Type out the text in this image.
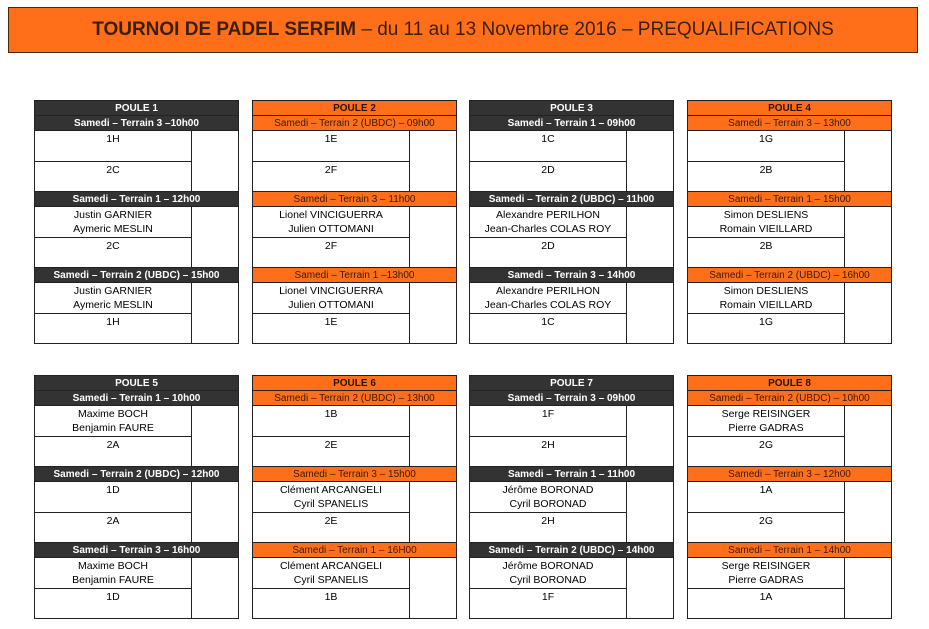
TOURNOI DE PADEL SERFIM – du 11 au 13 Novembre 2016 – PREQUALIFICATIONS
POULE 1
Samedi – Terrain 3 –10h00
1H
2C
Samedi – Terrain 1 – 12h00
Justin GARNIER
Aymeric MESLIN
2C
Samedi – Terrain 2 (UBDC) – 15h00
Justin GARNIER
Aymeric MESLIN
1H
POULE 2
Samedi – Terrain 2 (UBDC) – 09h00
1E
2F
Samedi – Terrain 3 – 11h00
Lionel VINCIGUERRA
Julien OTTOMANI
2F
Samedi – Terrain 1 –13h00
Lionel VINCIGUERRA
Julien OTTOMANI
1E
POULE 3
Samedi – Terrain 1 – 09h00
1C
2D
Samedi – Terrain 2 (UBDC) – 11h00
Alexandre PERILHON
Jean-Charles COLAS ROY
2D
Samedi – Terrain 3 – 14h00
Alexandre PERILHON
Jean-Charles COLAS ROY
1C
POULE 4
Samedi – Terrain 3 – 13h00
1G
2B
Samedi – Terrain 1 – 15h00
Simon DESLIENS
Romain VIEILLARD
2B
Samedi – Terrain 2 (UBDC) – 16h00
Simon DESLIENS
Romain VIEILLARD
1G
POULE 5
Samedi – Terrain 1 – 10h00
Maxime BOCH
Benjamin FAURE
2A
Samedi – Terrain 2 (UBDC) – 12h00
1D
2A
Samedi – Terrain 3 – 16h00
Maxime BOCH
Benjamin FAURE
1D
POULE 6
Samedi – Terrain 2 (UBDC) – 13h00
1B
2E
Samedi – Terrain 3 – 15h00
Clément ARCANGELI
Cyril SPANELIS
2E
Samedi – Terrain 1 – 16H00
Clément ARCANGELI
Cyril SPANELIS
1B
POULE 7
Samedi – Terrain 3 – 09h00
1F
2H
Samedi – Terrain 1 – 11h00
Jérôme BORONAD
Cyril BORONAD
2H
Samedi – Terrain 2 (UBDC) – 14h00
Jérôme BORONAD
Cyril BORONAD
1F
POULE 8
Samedi – Terrain 2 (UBDC) – 10h00
Serge REISINGER
Pierre GADRAS
2G
Samedi – Terrain 3 – 12h00
1A
2G
Samedi – Terrain 1 – 14h00
Serge REISINGER
Pierre GADRAS
1A
